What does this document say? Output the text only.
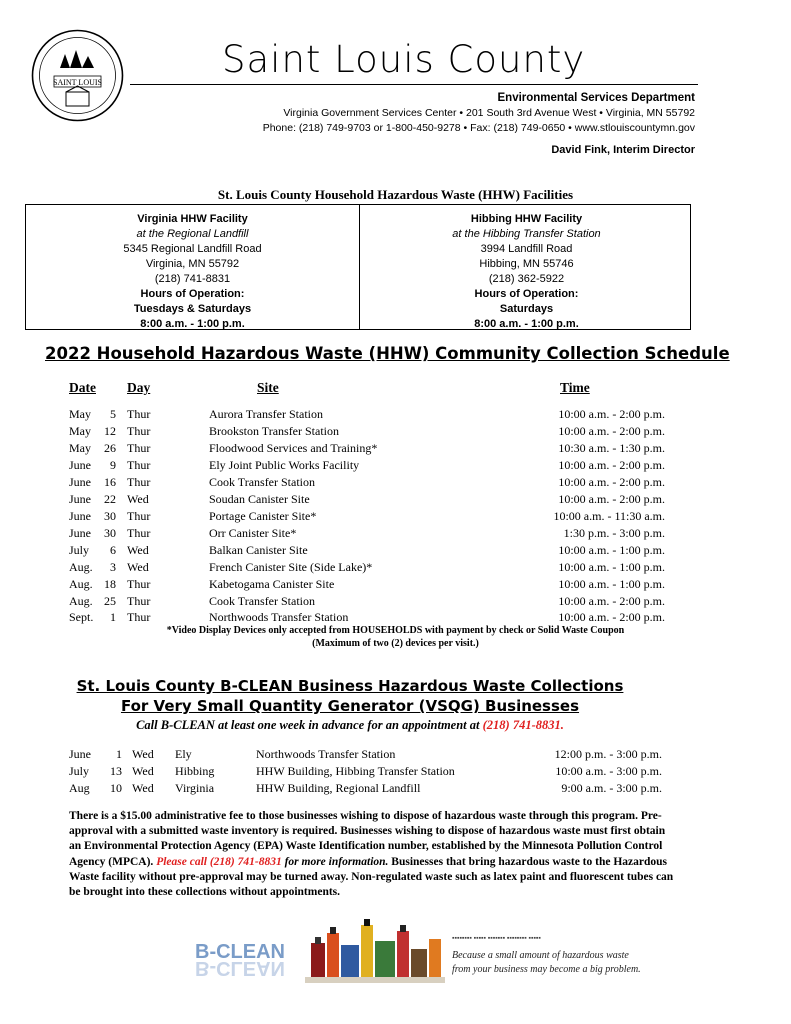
SAINT LOUIS
Saint Louis County
Environmental Services Department
Virginia Government Services Center • 201 South 3rd Avenue West • Virginia, MN 55792
Phone: (218) 749-9703 or 1-800-450-9278 • Fax: (218) 749-0650 • www.stlouiscountymn.gov
David Fink, Interim Director
St. Louis County Household Hazardous Waste (HHW) Facilities
Virginia HHW Facility
at the Regional Landfill
5345 Regional Landfill Road
Virginia, MN 55792
(218) 741-8831
Hours of Operation:
Tuesdays & Saturdays
8:00 a.m. - 1:00 p.m.
Hibbing HHW Facility
at the Hibbing Transfer Station
3994 Landfill Road
Hibbing, MN 55746
(218) 362-5922
Hours of Operation:
Saturdays
8:00 a.m. - 1:00 p.m.
2022 Household Hazardous Waste (HHW) Community Collection Schedule
Date Day	Site	Time
May	5 Thur	Aurora Transfer Station	10:00 a.m. - 2:00 p.m.
May	12 Thur	Brookston Transfer Station	10:00 a.m. - 2:00 p.m.
May	26 Thur	Floodwood Services and Training*	10:30 a.m. - 1:30 p.m.
June	9 Thur	Ely Joint Public Works Facility	10:00 a.m. - 2:00 p.m.
June	16 Thur	Cook Transfer Station	10:00 a.m. - 2:00 p.m.
June	22 Wed	Soudan Canister Site	10:00 a.m. - 2:00 p.m.
June	30 Thur	Portage Canister Site*	10:00 a.m. - 11:30 a.m.
June	30 Thur	Orr Canister Site*	1:30 p.m. - 3:00 p.m.
July	6 Wed	Balkan Canister Site	10:00 a.m. - 1:00 p.m.
Aug.	3 Wed	French Canister Site (Side Lake)*	10:00 a.m. - 1:00 p.m.
Aug. 18 Thur	Kabetogama Canister Site	10:00 a.m. - 1:00 p.m.
Aug. 25 Thur	Cook Transfer Station	10:00 a.m. - 2:00 p.m.
Sept.	1 Thur	Northwoods Transfer Station	10:00 a.m. - 2:00 p.m.
*Video Display Devices only accepted from HOUSEHOLDS with payment by check or Solid Waste Coupon
(Maximum of two (2) devices per visit.)
St. Louis County B-CLEAN Business Hazardous Waste Collections
For Very Small Quantity Generator (VSQG) Businesses
Call B-CLEAN at least one week in advance for an appointment at (218) 741-8831.
June	1 Wed Ely	Northwoods Transfer Station	12:00 p.m. - 3:00 p.m.
July	13 Wed Hibbing	HHW Building, Hibbing Transfer Station	10:00 a.m. - 3:00 p.m.
Aug	10 Wed Virginia	HHW Building, Regional Landfill	9:00 a.m. - 3:00 p.m.
There is a $15.00 administrative fee to those businesses wishing to dispose of hazardous waste through this program. Pre-approval with a submitted waste inventory is required. Businesses wishing to dispose of hazardous waste must first obtain an Environmental Protection Agency (EPA) Waste Identification number, established by the Minnesota Pollution Control Agency (MPCA). Please call (218) 741-8831 for more information. Businesses that bring hazardous waste to the Hazardous Waste facility without pre-approval may be turned away. Non-regulated waste such as latex paint and fluorescent tubes can be brought into these collections without appointments.
B-CLEAN
B-CLEAN
▪▪▪▪▪▪▪▪ ▪▪▪▪▪ ▪▪▪▪▪▪▪ ▪▪▪▪▪▪▪▪ ▪▪▪▪▪
Because a small amount of hazardous waste
from your business may become a big problem.
